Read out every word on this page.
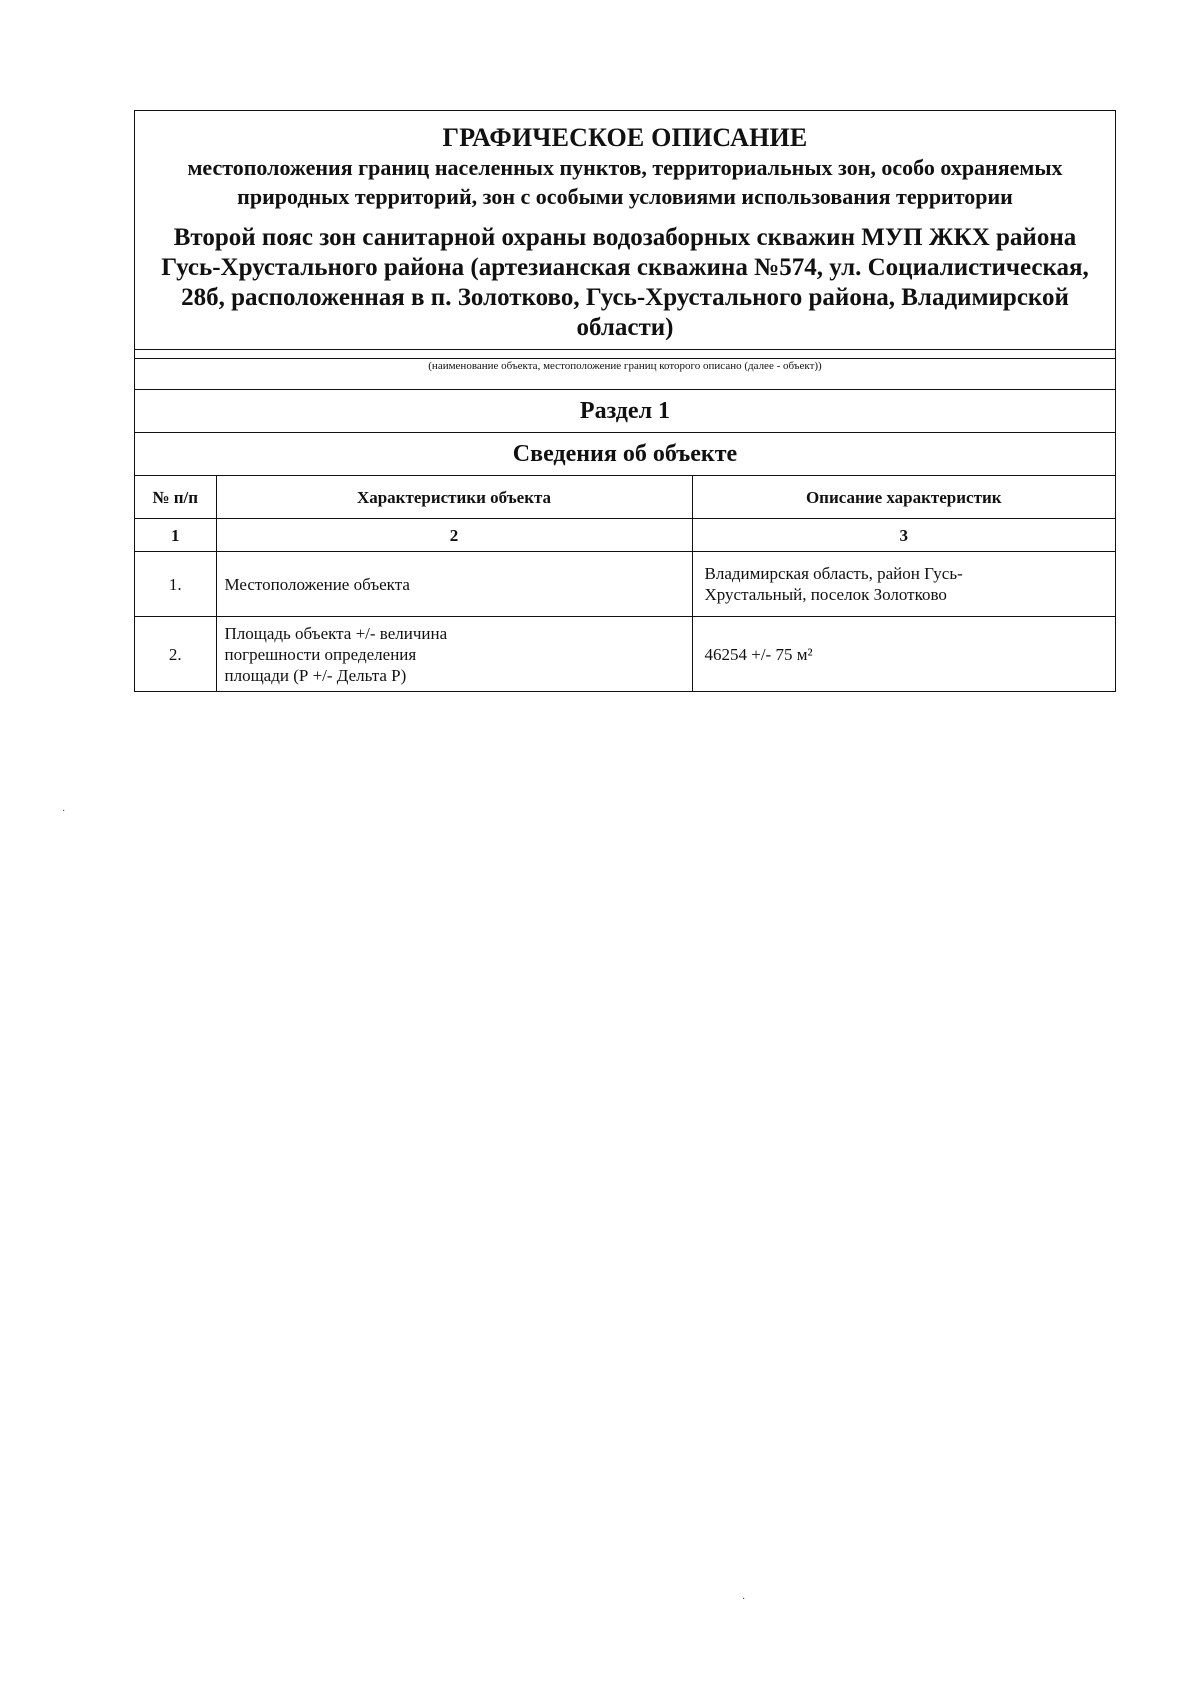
ГРАФИЧЕСКОЕ ОПИСАНИЕ
местоположения границ населенных пунктов, территориальных зон, особо охраняемых природных территорий, зон с особыми условиями использования территории
Второй пояс зон санитарной охраны водозаборных скважин МУП ЖКХ района Гусь-Хрустального района (артезианская скважина №574, ул. Социалистическая, 28б, расположенная в п. Золотково, Гусь-Хрустального района, Владимирской области)
(наименование объекта, местоположение границ которого описано (далее - объект))
Раздел 1
Сведения об объекте
№ п/п	Характеристики объекта	Описание характеристик
1	2	3
1.	Местоположение объекта	Владимирская область, район Гусь-
Хрустальный, поселок Золотково

2.	Площадь объекта +/- величина
погрешности определения
площади (Р +/- Дельта Р)	46254 +/- 75 м²
·
·
